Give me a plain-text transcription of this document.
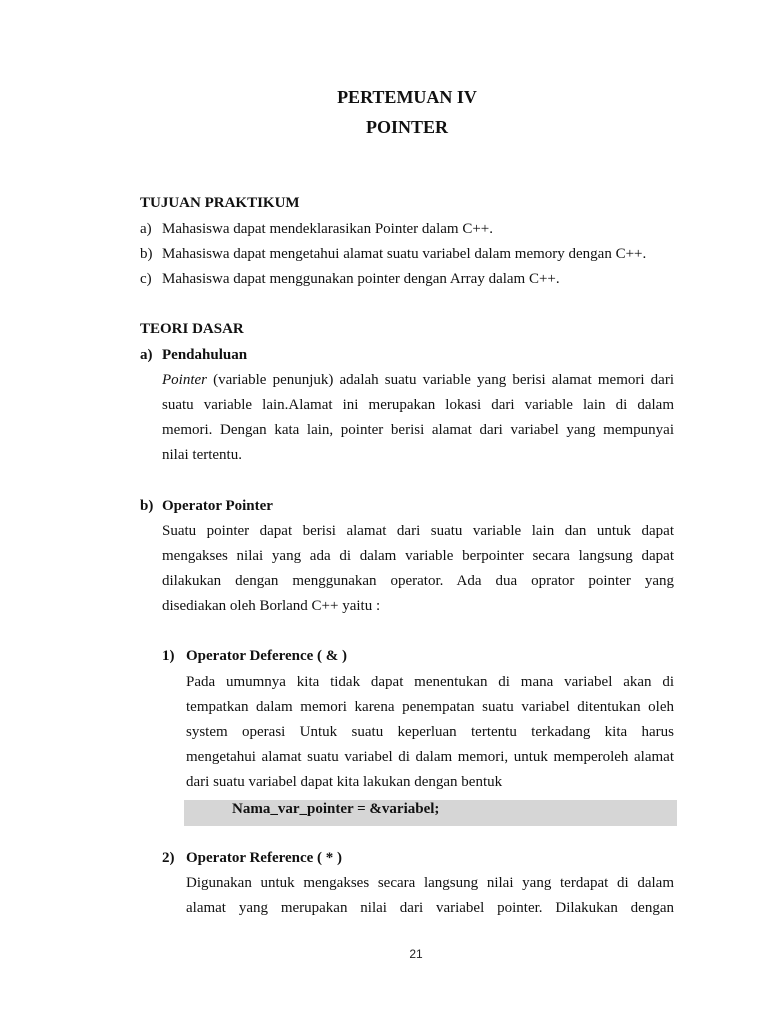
PERTEMUAN IV
POINTER
TUJUAN PRAKTIKUM
a) Mahasiswa dapat mendeklarasikan Pointer dalam C++.
b) Mahasiswa dapat mengetahui alamat suatu variabel dalam memory dengan C++.
c) Mahasiswa dapat menggunakan pointer dengan Array dalam C++.
TEORI DASAR
a) Pendahuluan
Pointer (variable penunjuk) adalah suatu variable yang berisi alamat memori dari
suatu variable lain.Alamat ini merupakan lokasi dari variable lain di dalam
memori. Dengan kata lain, pointer berisi alamat dari variabel yang mempunyai
nilai tertentu.
b) Operator Pointer
Suatu pointer dapat berisi alamat dari suatu variable lain dan untuk dapat
mengakses nilai yang ada di dalam variable berpointer secara langsung dapat
dilakukan dengan menggunakan operator. Ada dua oprator pointer yang
disediakan oleh Borland C++ yaitu :
1) Operator Deference ( & )
Pada umumnya kita tidak dapat menentukan di mana variabel akan di
tempatkan dalam memori karena penempatan suatu variabel ditentukan oleh
system operasi Untuk suatu keperluan tertentu terkadang kita harus
mengetahui alamat suatu variabel di dalam memori, untuk memperoleh alamat
dari suatu variabel dapat kita lakukan dengan bentuk
Nama_var_pointer = &variabel;
2) Operator Reference ( * )
Digunakan untuk mengakses secara langsung nilai yang terdapat di dalam
alamat yang merupakan nilai dari variabel pointer. Dilakukan dengan
21
